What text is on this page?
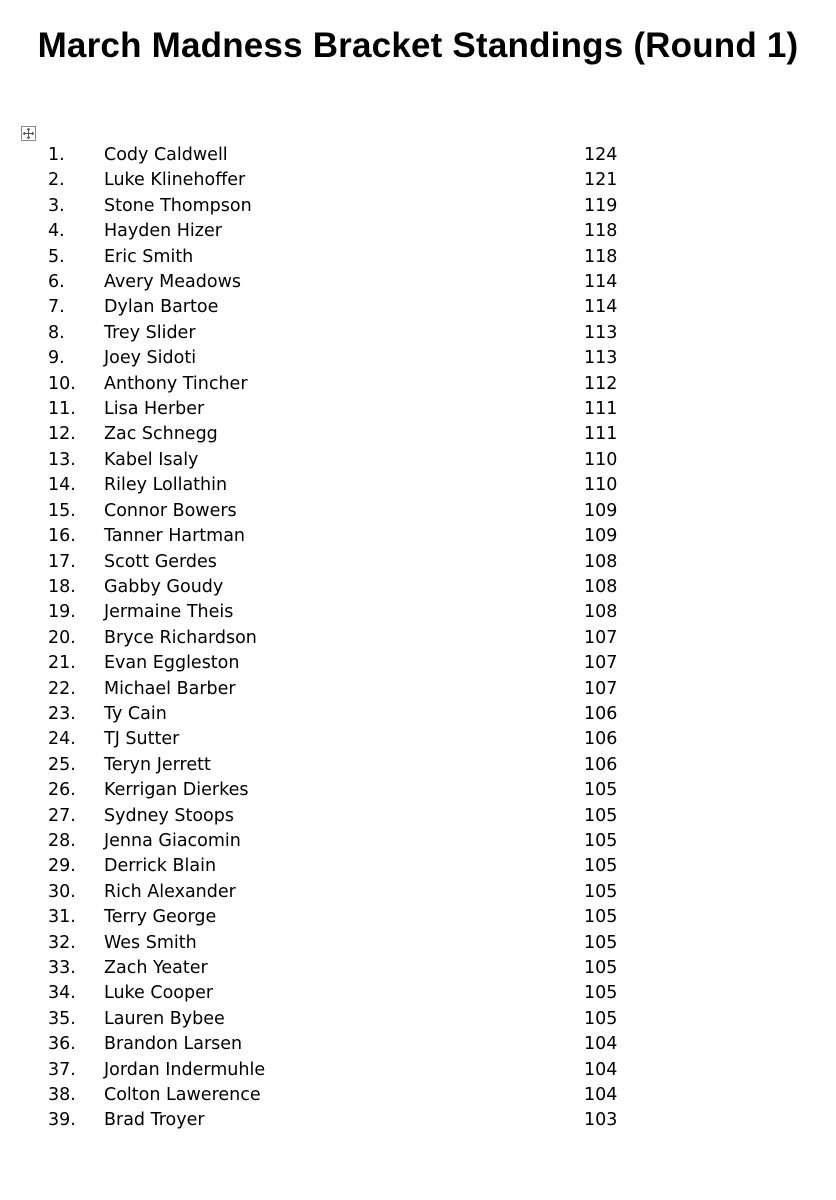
March Madness Bracket Standings (Round 1)
1.	Cody Caldwell	124
2.	Luke Klinehoffer	121
3.	Stone Thompson	119
4.	Hayden Hizer	118
5.	Eric Smith	118
6.	Avery Meadows	114
7.	Dylan Bartoe	114
8.	Trey Slider	113
9.	Joey Sidoti	113
10.	Anthony Tincher	112
11.	Lisa Herber	111
12.	Zac Schnegg	111
13.	Kabel Isaly	110
14.	Riley Lollathin	110
15.	Connor Bowers	109
16.	Tanner Hartman	109
17.	Scott Gerdes	108
18.	Gabby Goudy	108
19.	Jermaine Theis	108
20.	Bryce Richardson	107
21.	Evan Eggleston	107
22.	Michael Barber	107
23.	Ty Cain	106
24.	TJ Sutter	106
25.	Teryn Jerrett	106
26.	Kerrigan Dierkes	105
27.	Sydney Stoops	105
28.	Jenna Giacomin	105
29.	Derrick Blain	105
30.	Rich Alexander	105
31.	Terry George	105
32.	Wes Smith	105
33.	Zach Yeater	105
34.	Luke Cooper	105
35.	Lauren Bybee	105
36.	Brandon Larsen	104
37.	Jordan Indermuhle	104
38.	Colton Lawerence	104
39.	Brad Troyer	103
